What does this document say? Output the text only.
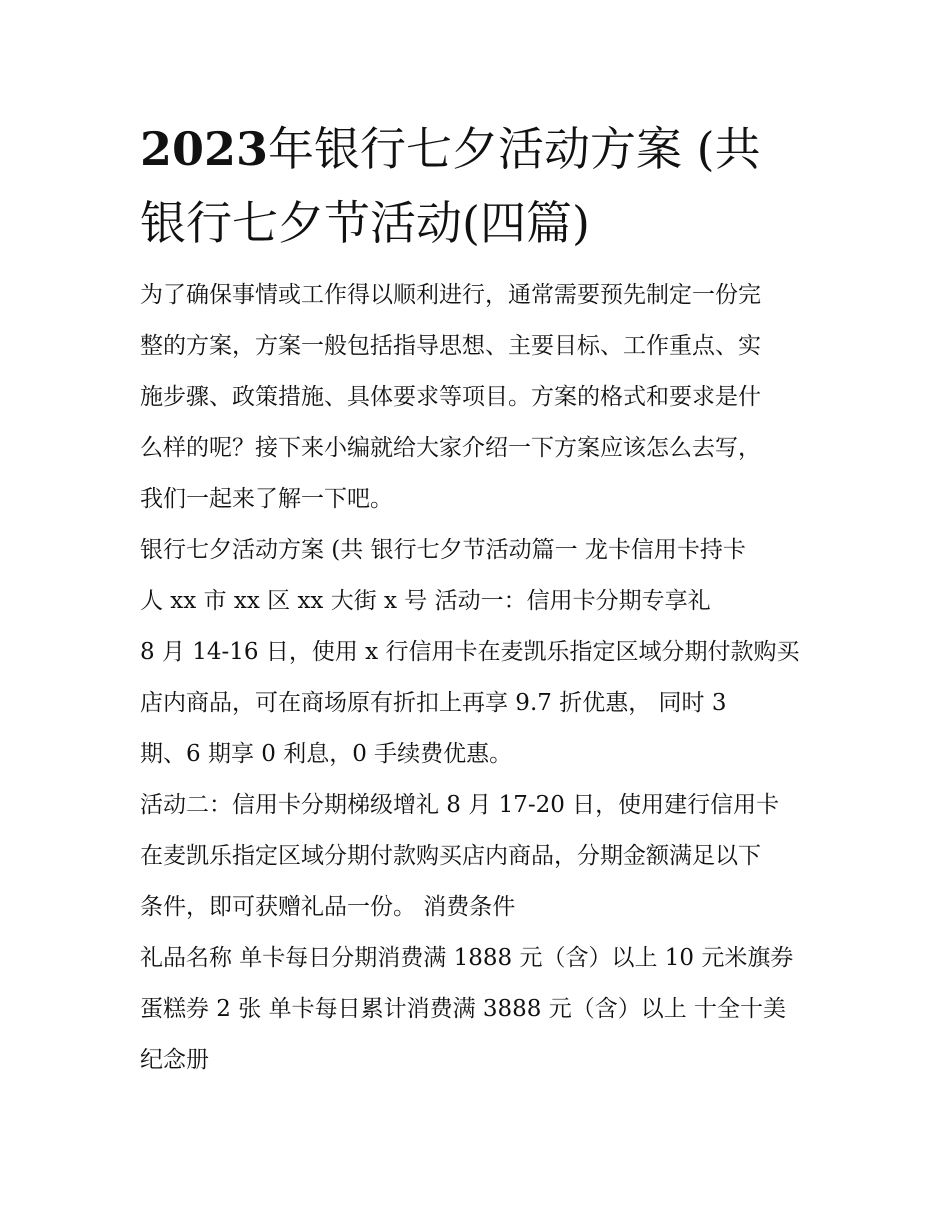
2023年银行七夕活动方案 (共
银行七夕节活动(四篇)
为了确保事情或工作得以顺利进行，通常需要预先制定一份完
整的方案，方案一般包括指导思想、主要目标、工作重点、实
施步骤、政策措施、具体要求等项目。方案的格式和要求是什
么样的呢？接下来小编就给大家介绍一下方案应该怎么去写，
我们一起来了解一下吧。
银行七夕活动方案 (共 银行七夕节活动篇一 龙卡信用卡持卡
人 xx 市 xx 区 xx 大街 x 号 活动一：信用卡分期专享礼
8 月 14-16 日，使用 x 行信用卡在麦凯乐指定区域分期付款购买
店内商品，可在商场原有折扣上再享 9.7 折优惠， 同时 3
期、6 期享 0 利息，0 手续费优惠。
活动二：信用卡分期梯级增礼 8 月 17-20 日，使用建行信用卡
在麦凯乐指定区域分期付款购买店内商品，分期金额满足以下
条件，即可获赠礼品一份。 消费条件
礼品名称 单卡每日分期消费满 1888 元（含）以上 10 元米旗券
蛋糕券 2 张 单卡每日累计消费满 3888 元（含）以上 十全十美
纪念册
